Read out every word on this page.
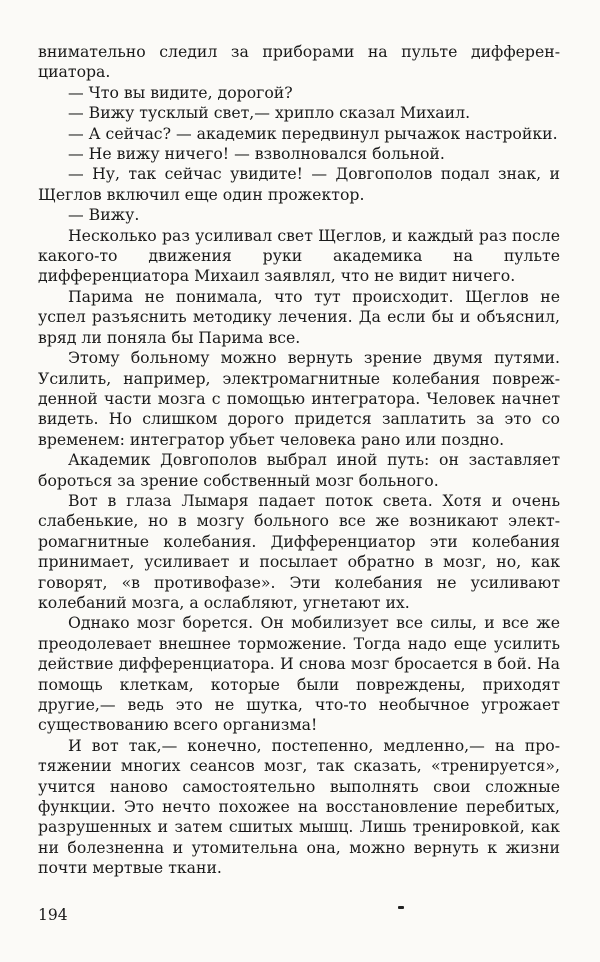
внимательно следил за приборами на пульте дифференциатора.

— Что вы видите, дорогой?

— Вижу тусклый свет,— хрипло сказал Михаил.

— А сейчас? — академик передвинул рычажок настройки.

— Не вижу ничего! — взволновался больной.

— Ну, так сейчас увидите! — Довгополов подал знак, и Щеглов включил еще один прожектор.

— Вижу.

Несколько раз усиливал свет Щеглов, и каждый раз после какого-то движения руки академика на пульте дифференциатора Михаил заявлял, что не видит ничего.

Парима не понимала, что тут происходит. Щеглов не успел разъяснить методику лечения. Да если бы и объяснил, вряд ли поняла бы Парима все.

Этому больному можно вернуть зрение двумя путями. Усилить, например, электромагнитные колебания поврежденной части мозга с помощью интегратора. Человек начнет видеть. Но слишком дорого придется заплатить за это со временем: интегратор убьет человека рано или поздно.

Академик Довгополов выбрал иной путь: он заставляет бороться за зрение собственный мозг больного.

Вот в глаза Лымаря падает поток света. Хотя и очень слабенькие, но в мозгу больного все же возникают электромагнитные колебания. Дифференциатор эти колебания принимает, усиливает и посылает обратно в мозг, но, как говорят, «в противофазе». Эти колебания не усиливают колебаний мозга, а ослабляют, угнетают их.

Однако мозг борется. Он мобилизует все силы, и все же преодолевает внешнее торможение. Тогда надо еще усилить действие дифференциатора. И снова мозг бросается в бой. На помощь клеткам, которые были повреждены, приходят другие,— ведь это не шутка, что-то необычное угрожает существованию всего организма!

И вот так,— конечно, постепенно, медленно,— на протяжении многих сеансов мозг, так сказать, «тренируется», учится наново самостоятельно выполнять свои сложные функции. Это нечто похожее на восстановление перебитых, разрушенных и затем сшитых мышц. Лишь тренировкой, как ни болезненна и утомительна она, можно вернуть к жизни почти мертвые ткани.

194
